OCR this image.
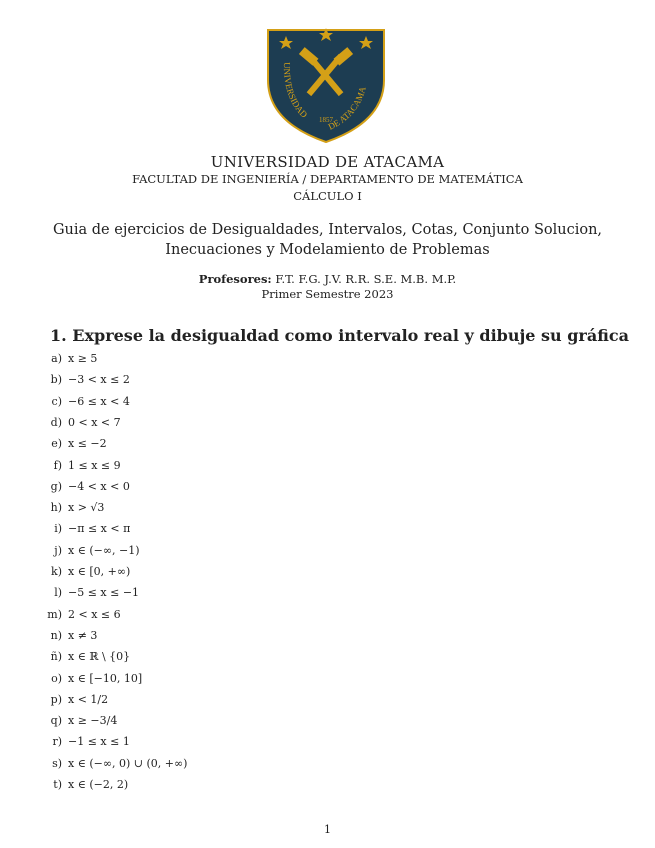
UNIVERSIDAD
DE ATACAMA
1857
UNIVERSIDAD DE ATACAMA
FACULTAD DE INGENIERÍA / DEPARTAMENTO DE MATEMÁTICA
CÁLCULO I
Guia de ejercicios de Desigualdades, Intervalos, Cotas, Conjunto Solucion,
Inecuaciones y Modelamiento de Problemas
Profesores: F.T. F.G. J.V. R.R. S.E. M.B. M.P.
Primer Semestre 2023
1. Exprese la desigualdad como intervalo real y dibuje su gráfica
a) x ≥ 5
b) −3 < x ≤ 2
c) −6 ≤ x < 4
d) 0 < x < 7
e) x ≤ −2
f) 1 ≤ x ≤ 9
g) −4 < x < 0
h) x > √3
i) −π ≤ x < π
j) x ∈ (−∞, −1)
k) x ∈ [0, +∞)
l) −5 ≤ x ≤ −1
m) 2 < x ≤ 6
n) x ≠ 3
ñ) x ∈ ℝ \ {0}
o) x ∈ [−10, 10]
p) x < 1/2
q) x ≥ −3/4
r) −1 ≤ x ≤ 1
s) x ∈ (−∞, 0) ∪ (0, +∞)
t) x ∈ (−2, 2)
1
